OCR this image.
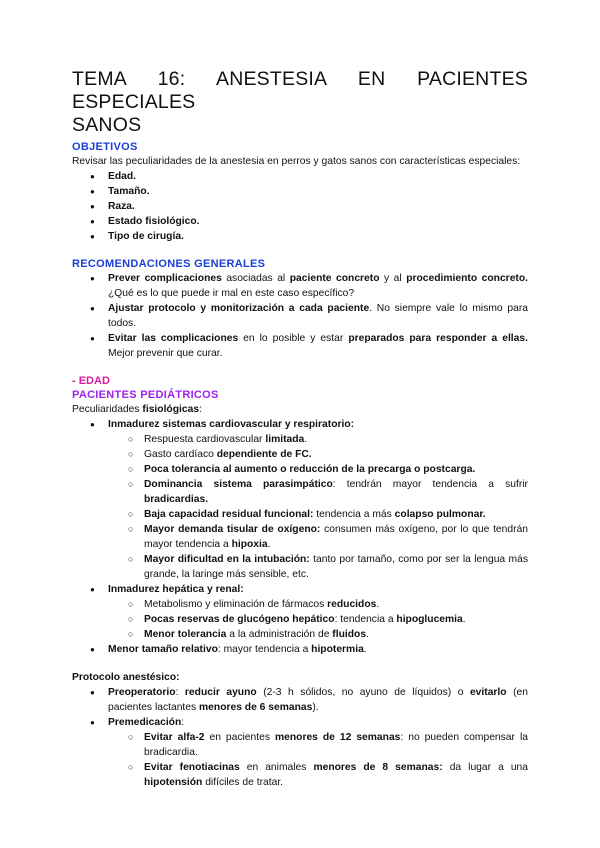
TEMA 16: ANESTESIA EN PACIENTES ESPECIALES
SANOS
OBJETIVOS

Revisar las peculiaridades de la anestesia en perros y gatos sanos con características especiales:

● Edad.
● Tamaño.
● Raza.
● Estado fisiológico.
● Tipo de cirugía.
RECOMENDACIONES GENERALES
● Prever complicaciones asociadas al paciente concreto y al procedimiento concreto. ¿Qué es lo que puede ir mal en este caso específico?
● Ajustar protocolo y monitorización a cada paciente. No siempre vale lo mismo para todos.
● Evitar las complicaciones en lo posible y estar preparados para responder a ellas. Mejor prevenir que curar.
- EDAD
PACIENTES PEDIÁTRICOS

Peculiaridades fisiológicas:

● Inmadurez sistemas cardiovascular y respiratorio:
○ Respuesta cardiovascular limitada.
○ Gasto cardíaco dependiente de FC.
○ Poca tolerancia al aumento o reducción de la precarga o postcarga.
○ Dominancia sistema parasimpático: tendrán mayor tendencia a sufrir bradicardias.
○ Baja capacidad residual funcional: tendencia a más colapso pulmonar.
○ Mayor demanda tisular de oxígeno: consumen más oxígeno, por lo que tendrán mayor tendencia a hipoxia.
○ Mayor dificultad en la intubación: tanto por tamaño, como por ser la lengua más grande, la laringe más sensible, etc.
● Inmadurez hepática y renal:
○ Metabolismo y eliminación de fármacos reducidos.
○ Pocas reservas de glucógeno hepático: tendencia a hipoglucemia.
○ Menor tolerancia a la administración de fluidos.
● Menor tamaño relativo: mayor tendencia a hipotermia.

Protocolo anestésico:

● Preoperatorio: reducir ayuno (2-3 h sólidos, no ayuno de líquidos) o evitarlo (en pacientes lactantes menores de 6 semanas).
● Premedicación:
○ Evitar alfa-2 en pacientes menores de 12 semanas: no pueden compensar la bradicardia.
○ Evitar fenotiacinas en animales menores de 8 semanas: da lugar a una hipotensión difíciles de tratar.
